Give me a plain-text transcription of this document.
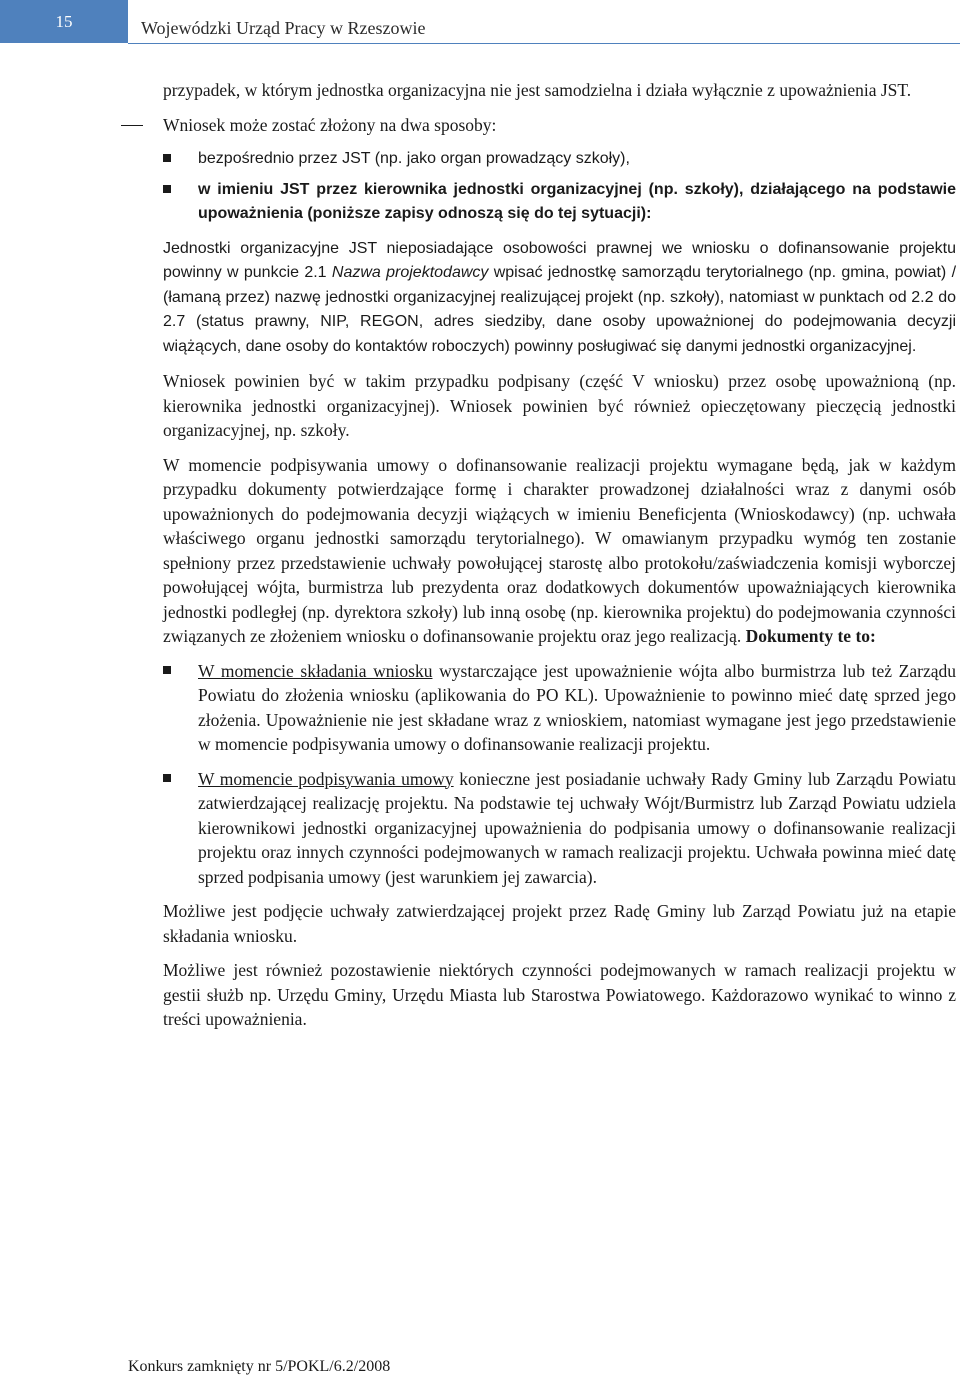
15	Wojewódzki Urząd Pracy w Rzeszowie

przypadek, w którym jednostka organizacyjna nie jest samodzielna i działa wyłącznie z upoważnienia JST.

Wniosek może zostać złożony na dwa sposoby:

bezpośrednio przez JST (np. jako organ prowadzący szkoły),

w imieniu JST przez kierownika jednostki organizacyjnej (np. szkoły), działającego na podstawie upoważnienia (poniższe zapisy odnoszą się do tej sytuacji):

Jednostki organizacyjne JST nieposiadające osobowości prawnej we wniosku o dofinansowanie projektu powinny w punkcie 2.1 Nazwa projektodawcy wpisać jednostkę samorządu terytorialnego (np. gmina, powiat) / (łamaną przez) nazwę jednostki organizacyjnej realizującej projekt (np. szkoły), natomiast w punktach od 2.2 do 2.7 (status prawny, NIP, REGON, adres siedziby, dane osoby upoważnionej do podejmowania decyzji wiążących, dane osoby do kontaktów roboczych) powinny posługiwać się danymi jednostki organizacyjnej.

Wniosek powinien być w takim przypadku podpisany (część V wniosku) przez osobę upoważnioną (np. kierownika jednostki organizacyjnej). Wniosek powinien być również opieczętowany pieczęcią jednostki organizacyjnej, np. szkoły.

W momencie podpisywania umowy o dofinansowanie realizacji projektu wymagane będą, jak w każdym przypadku dokumenty potwierdzające formę i charakter prowadzonej działalności wraz z danymi osób upoważnionych do podejmowania decyzji wiążących w imieniu Beneficjenta (Wnioskodawcy) (np. uchwała właściwego organu jednostki samorządu terytorialnego). W omawianym przypadku wymóg ten zostanie spełniony przez przedstawienie uchwały powołującej starostę albo protokołu/zaświadczenia komisji wyborczej powołującej wójta, burmistrza lub prezydenta oraz dodatkowych dokumentów upoważniających kierownika jednostki podległej (np. dyrektora szkoły) lub inną osobę (np. kierownika projektu) do podejmowania czynności związanych ze złożeniem wniosku o dofinansowanie projektu oraz jego realizacją. Dokumenty te to:

W momencie składania wniosku wystarczające jest upoważnienie wójta albo burmistrza lub też Zarządu Powiatu do złożenia wniosku (aplikowania do PO KL). Upoważnienie to powinno mieć datę sprzed jego złożenia. Upoważnienie nie jest składane wraz z wnioskiem, natomiast wymagane jest jego przedstawienie w momencie podpisywania umowy o dofinansowanie realizacji projektu.

W momencie podpisywania umowy konieczne jest posiadanie uchwały Rady Gminy lub Zarządu Powiatu zatwierdzającej realizację projektu. Na podstawie tej uchwały Wójt/Burmistrz lub Zarząd Powiatu udziela kierownikowi jednostki organizacyjnej upoważnienia do podpisania umowy o dofinansowanie realizacji projektu oraz innych czynności podejmowanych w ramach realizacji projektu. Uchwała powinna mieć datę sprzed podpisania umowy (jest warunkiem jej zawarcia).

Możliwe jest podjęcie uchwały zatwierdzającej projekt przez Radę Gminy lub Zarząd Powiatu już na etapie składania wniosku.

Możliwe jest również pozostawienie niektórych czynności podejmowanych w ramach realizacji projektu w gestii służb np. Urzędu Gminy, Urzędu Miasta lub Starostwa Powiatowego. Każdorazowo wynikać to winno z treści upoważnienia.

Konkurs zamknięty nr 5/POKL/6.2/2008
